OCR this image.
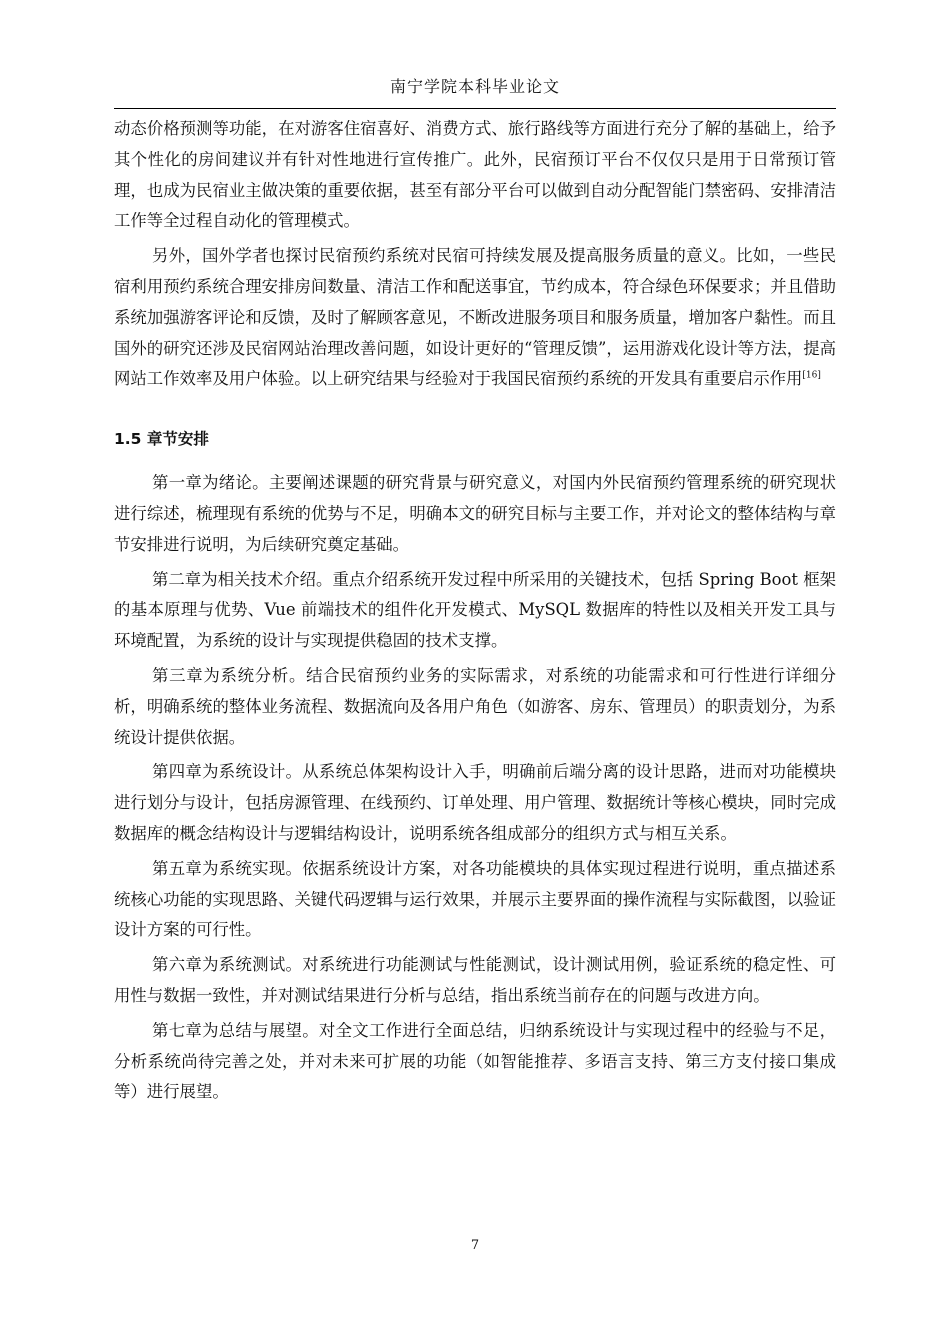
南宁学院本科毕业论文

动态价格预测等功能，在对游客住宿喜好、消费方式、旅行路线等方面进行充分了解的基础上，给予其个性化的房间建议并有针对性地进行宣传推广。此外，民宿预订平台不仅仅只是用于日常预订管理，也成为民宿业主做决策的重要依据，甚至有部分平台可以做到自动分配智能门禁密码、安排清洁工作等全过程自动化的管理模式。

另外，国外学者也探讨民宿预约系统对民宿可持续发展及提高服务质量的意义。比如，一些民宿利用预约系统合理安排房间数量、清洁工作和配送事宜，节约成本，符合绿色环保要求；并且借助系统加强游客评论和反馈，及时了解顾客意见，不断改进服务项目和服务质量，增加客户黏性。而且国外的研究还涉及民宿网站治理改善问题，如设计更好的“管理反馈”，运用游戏化设计等方法，提高网站工作效率及用户体验。以上研究结果与经验对于我国民宿预约系统的开发具有重要启示作用[16]

1.5 章节安排

第一章为绪论。主要阐述课题的研究背景与研究意义，对国内外民宿预约管理系统的研究现状进行综述，梳理现有系统的优势与不足，明确本文的研究目标与主要工作，并对论文的整体结构与章节安排进行说明，为后续研究奠定基础。

第二章为相关技术介绍。重点介绍系统开发过程中所采用的关键技术，包括 Spring Boot 框架的基本原理与优势、Vue 前端技术的组件化开发模式、MySQL 数据库的特性以及相关开发工具与环境配置，为系统的设计与实现提供稳固的技术支撑。

第三章为系统分析。结合民宿预约业务的实际需求，对系统的功能需求和可行性进行详细分析，明确系统的整体业务流程、数据流向及各用户角色（如游客、房东、管理员）的职责划分，为系统设计提供依据。

第四章为系统设计。从系统总体架构设计入手，明确前后端分离的设计思路，进而对功能模块进行划分与设计，包括房源管理、在线预约、订单处理、用户管理、数据统计等核心模块，同时完成数据库的概念结构设计与逻辑结构设计，说明系统各组成部分的组织方式与相互关系。

第五章为系统实现。依据系统设计方案，对各功能模块的具体实现过程进行说明，重点描述系统核心功能的实现思路、关键代码逻辑与运行效果，并展示主要界面的操作流程与实际截图，以验证设计方案的可行性。

第六章为系统测试。对系统进行功能测试与性能测试，设计测试用例，验证系统的稳定性、可用性与数据一致性，并对测试结果进行分析与总结，指出系统当前存在的问题与改进方向。

第七章为总结与展望。对全文工作进行全面总结，归纳系统设计与实现过程中的经验与不足，分析系统尚待完善之处，并对未来可扩展的功能（如智能推荐、多语言支持、第三方支付接口集成等）进行展望。

7
